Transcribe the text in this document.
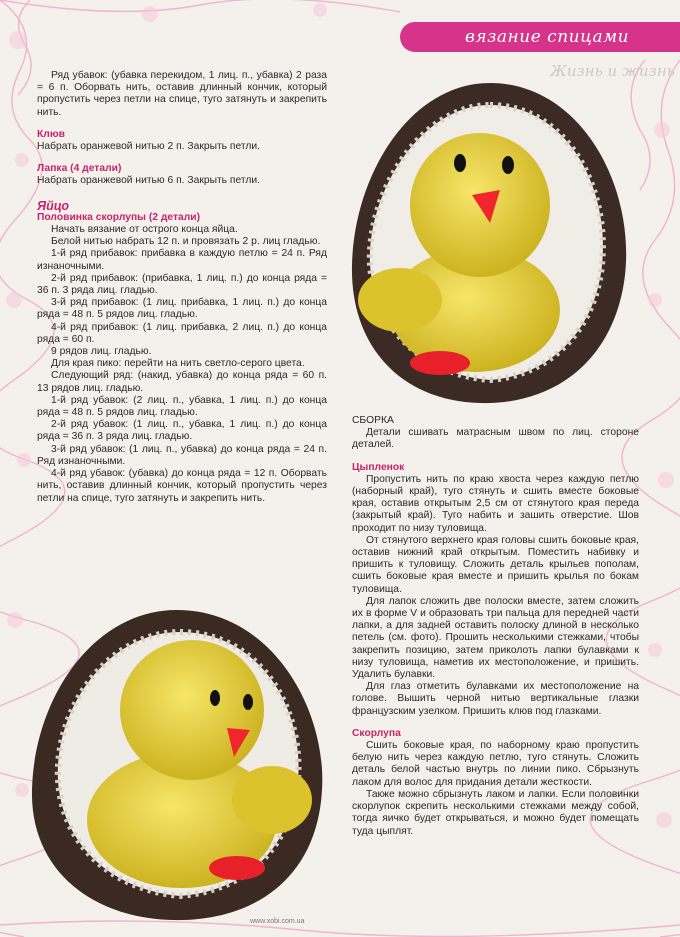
вязание спицами
Жизнь и жизнь

Ряд убавок: (убавка перекидом, 1 лиц. п., убавка) 2 раза = 6 п. Оборвать нить, оставив длинный кончик, который пропустить через петли на спице, туго затянуть и закрепить нить.

Клюв

Набрать оранжевой нитью 2 п. Закрыть петли.

Лапка (4 детали)

Набрать оранжевой нитью 6 п. Закрыть петли.

Яйцо

Половинка скорлупы (2 детали)

Начать вязание от острого конца яйца.

Белой нитью набрать 12 п. и провязать 2 р. лиц гладью.

1-й ряд прибавок: прибавка в каждую петлю = 24 п. Ряд изнаночными.

2-й ряд прибавок: (прибавка, 1 лиц. п.) до конца ряда = 36 п. 3 ряда лиц. гладью.

3-й ряд прибавок: (1 лиц. прибавка, 1 лиц. п.) до конца ряда = 48 п. 5 рядов лиц. гладью.

4-й ряд прибавок: (1 лиц. прибавка, 2 лиц. п.) до конца ряда = 60 п.

9 рядов лиц. гладью.

Для края пико: перейти на нить светло-серого цвета.

Следующий ряд: (накид, убавка) до конца ряда = 60 п. 13 рядов лиц. гладью.

1-й ряд убавок: (2 лиц. п., убавка, 1 лиц. п.) до конца ряда = 48 п. 5 рядов лиц. гладью.

2-й ряд убавок: (1 лиц. п., убавка, 1 лиц. п.) до конца ряда = 36 п. 3 ряда лиц. гладью.

3-й ряд убавок: (1 лиц. п., убавка) до конца ряда = 24 п. Ряд изнаночными.

4-й ряд убавок: (убавка) до конца ряда = 12 п. Оборвать нить, оставив длинный кончик, который пропустить через петли на спице, туго затянуть и закрепить нить.

СБОРКА

Детали сшивать матрасным швом по лиц. стороне деталей.

Цыпленок

Пропустить нить по краю хвоста через каждую петлю (наборный край), туго стянуть и сшить вместе боковые края, оставив открытым 2,5 см от стянутого края переда (закрытый край). Туго набить и зашить отверстие. Шов проходит по низу туловища.

От стянутого верхнего края головы сшить боковые края, оставив нижний край открытым. Поместить набивку и пришить к туловищу. Сложить деталь крыльев пополам, сшить боковые края вместе и пришить крылья по бокам туловища.

Для лапок сложить две полоски вместе, затем сложить их в форме V и образовать три пальца для передней части лапки, а для задней оставить полоску длиной в несколько петель (см. фото). Прошить несколькими стежками, чтобы закрепить позицию, затем приколоть лапки булавками к низу туловища, наметив их местоположение, и пришить. Удалить булавки.

Для глаз отметить булавками их местоположение на голове. Вышить черной нитью вертикальные глазки французским узелком. Пришить клюв под глазками.

Скорлупа

Сшить боковые края, по наборному краю пропустить белую нить через каждую петлю, туго стянуть. Сложить деталь белой частью внутрь по линии пико. Сбрызнуть лаком для волос для придания детали жесткости.

Также можно сбрызнуть лаком и лапки. Если половинки скорлупок скрепить несколькими стежками между собой, тогда яичко будет открываться, и можно будет помещать туда цыплят.

www.xobi.com.ua
